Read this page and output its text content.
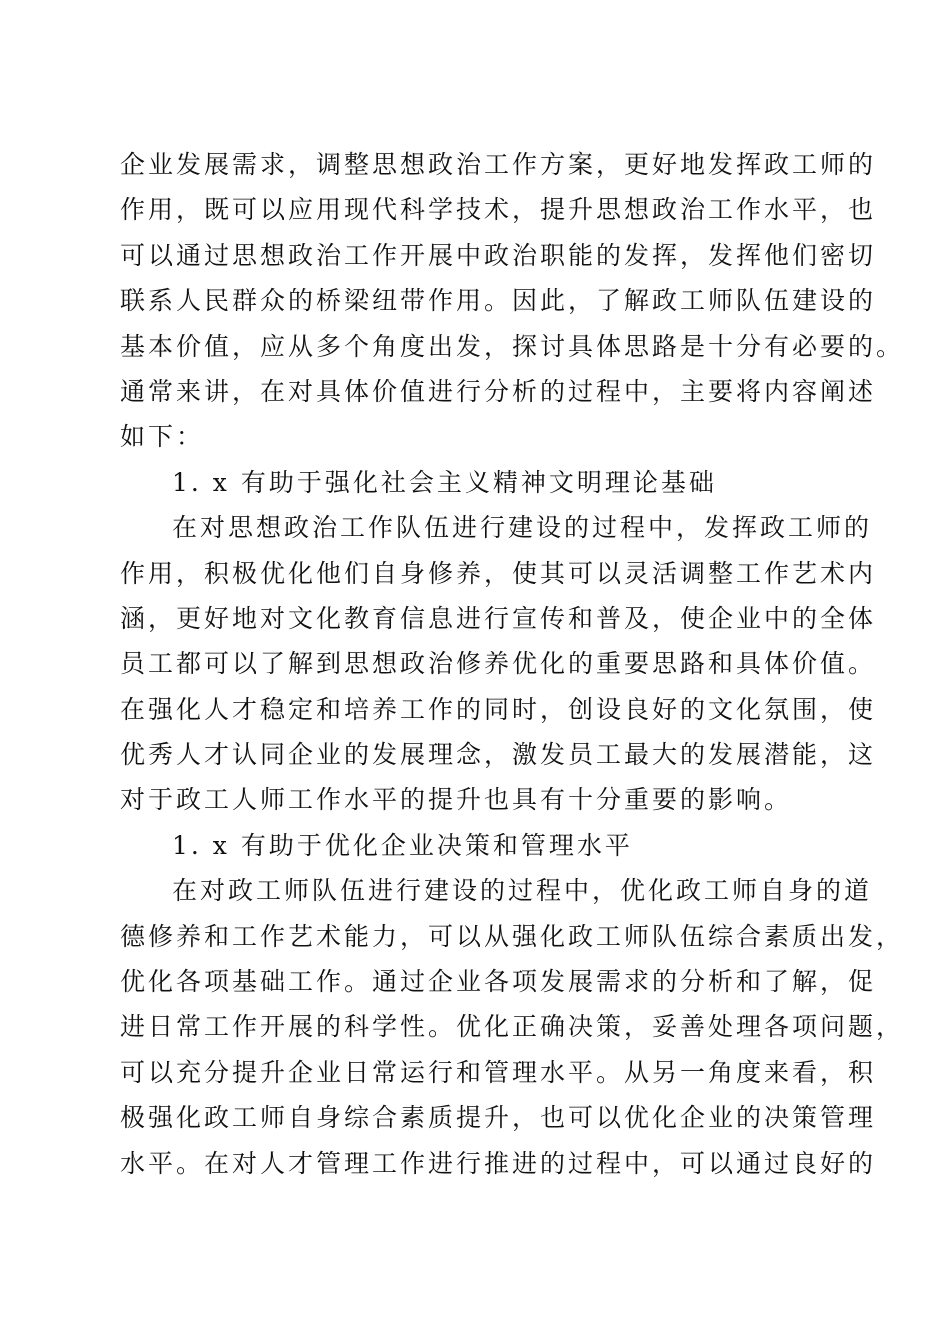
企业发展需求，调整思想政治工作方案，更好地发挥政工师的
作用，既可以应用现代科学技术，提升思想政治工作水平，也
可以通过思想政治工作开展中政治职能的发挥，发挥他们密切
联系人民群众的桥梁纽带作用。因此，了解政工师队伍建设的
基本价值，应从多个角度出发，探讨具体思路是十分有必要的。
通常来讲，在对具体价值进行分析的过程中，主要将内容阐述
如下：
1. x 有助于强化社会主义精神文明理论基础
在对思想政治工作队伍进行建设的过程中，发挥政工师的
作用，积极优化他们自身修养，使其可以灵活调整工作艺术内
涵，更好地对文化教育信息进行宣传和普及，使企业中的全体
员工都可以了解到思想政治修养优化的重要思路和具体价值。
在强化人才稳定和培养工作的同时，创设良好的文化氛围，使
优秀人才认同企业的发展理念，激发员工最大的发展潜能，这
对于政工人师工作水平的提升也具有十分重要的影响。
1. x 有助于优化企业决策和管理水平
在对政工师队伍进行建设的过程中，优化政工师自身的道
德修养和工作艺术能力，可以从强化政工师队伍综合素质出发，
优化各项基础工作。通过企业各项发展需求的分析和了解，促
进日常工作开展的科学性。优化正确决策，妥善处理各项问题，
可以充分提升企业日常运行和管理水平。从另一角度来看，积
极强化政工师自身综合素质提升，也可以优化企业的决策管理
水平。在对人才管理工作进行推进的过程中，可以通过良好的
